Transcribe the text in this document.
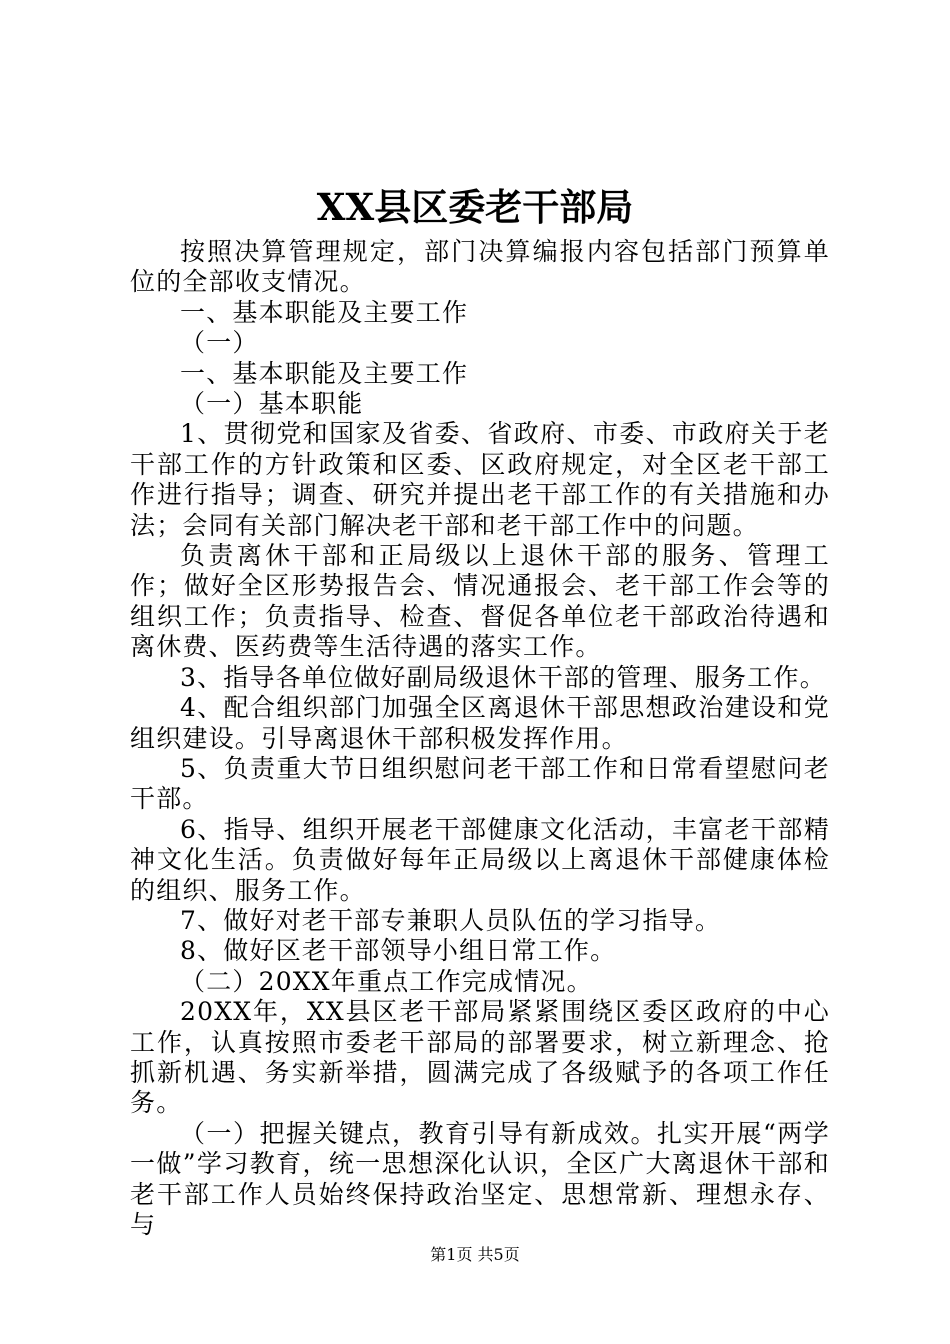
XX县区委老干部局

按照决算管理规定，部门决算编报内容包括部门预算单位的全部收支情况。

一、基本职能及主要工作

（一）

一、基本职能及主要工作

（一）基本职能

1、贯彻党和国家及省委、省政府、市委、市政府关于老干部工作的方针政策和区委、区政府规定，对全区老干部工作进行指导；调查、研究并提出老干部工作的有关措施和办法；会同有关部门解决老干部和老干部工作中的问题。

负责离休干部和正局级以上退休干部的服务、管理工作；做好全区形势报告会、情况通报会、老干部工作会等的组织工作；负责指导、检查、督促各单位老干部政治待遇和离休费、医药费等生活待遇的落实工作。

3、指导各单位做好副局级退休干部的管理、服务工作。

4、配合组织部门加强全区离退休干部思想政治建设和党组织建设。引导离退休干部积极发挥作用。

5、负责重大节日组织慰问老干部工作和日常看望慰问老干部。

6、指导、组织开展老干部健康文化活动，丰富老干部精神文化生活。负责做好每年正局级以上离退休干部健康体检的组织、服务工作。

7、做好对老干部专兼职人员队伍的学习指导。

8、做好区老干部领导小组日常工作。

（二）20XX年重点工作完成情况。

20XX年，XX县区老干部局紧紧围绕区委区政府的中心工作，认真按照市委老干部局的部署要求，树立新理念、抢抓新机遇、务实新举措，圆满完成了各级赋予的各项工作任务。

（一）把握关键点，教育引导有新成效。扎实开展“两学一做”学习教育，统一思想深化认识，全区广大离退休干部和老干部工作人员始终保持政治坚定、思想常新、理想永存、与

第1页 共5页
